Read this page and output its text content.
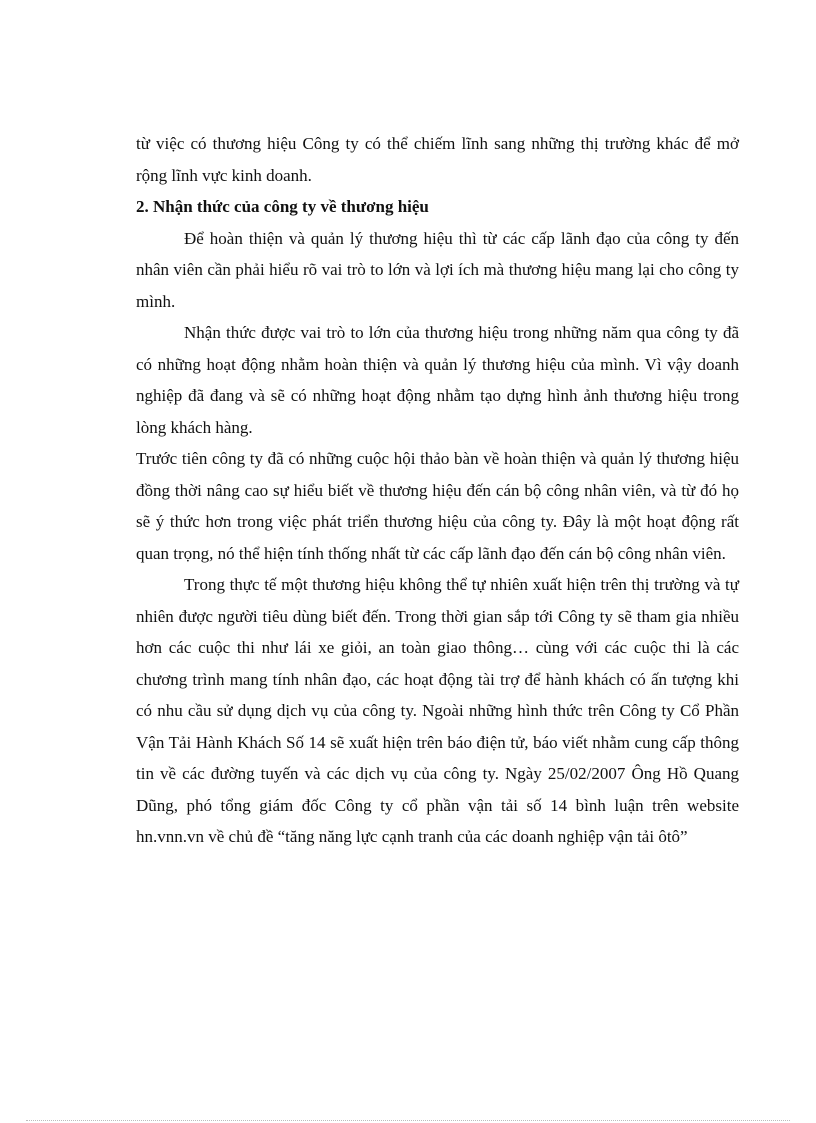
từ việc có thương hiệu Công ty có thể chiếm lĩnh sang những thị trường khác để mở rộng lĩnh vực kinh doanh.

2. Nhận thức của công ty về thương hiệu

Để hoàn thiện và quản lý thương hiệu thì từ các cấp lãnh đạo của công ty đến nhân viên cần phải hiểu rõ vai trò to lớn và lợi ích mà thương hiệu mang lại cho công ty mình.

Nhận thức được vai trò to lớn của thương hiệu trong những năm qua công ty đã có những hoạt động nhằm hoàn thiện và quản lý thương hiệu của mình. Vì vậy doanh nghiệp đã đang và sẽ có những hoạt động nhằm tạo dựng hình ảnh thương hiệu trong lòng khách hàng.

Trước tiên công ty đã có những cuộc hội thảo bàn về hoàn thiện và quản lý thương hiệu đồng thời nâng cao sự hiểu biết về thương hiệu đến cán bộ công nhân viên, và từ đó họ sẽ ý thức hơn trong việc phát triển thương hiệu của công ty. Đây là một hoạt động rất quan trọng, nó thể hiện tính thống nhất từ các cấp lãnh đạo đến cán bộ công nhân viên.

Trong thực tế một thương hiệu không thể tự nhiên xuất hiện trên thị trường và tự nhiên được người tiêu dùng biết đến. Trong thời gian sắp tới Công ty sẽ tham gia nhiều hơn các cuộc thi như lái xe giỏi, an toàn giao thông… cùng với các cuộc thi là các chương trình mang tính nhân đạo, các hoạt động tài trợ để hành khách có ấn tượng khi có nhu cầu sử dụng dịch vụ của công ty. Ngoài những hình thức trên Công ty Cổ Phần Vận Tải Hành Khách Số 14 sẽ xuất hiện trên báo điện tử, báo viết nhằm cung cấp thông tin về các đường tuyến và các dịch vụ của công ty. Ngày 25/02/2007 Ông Hồ Quang Dũng, phó tổng giám đốc Công ty cổ phần vận tải số 14 bình luận trên website hn.vnn.vn về chủ đề “tăng năng lực cạnh tranh của các doanh nghiệp vận tải ôtô”
